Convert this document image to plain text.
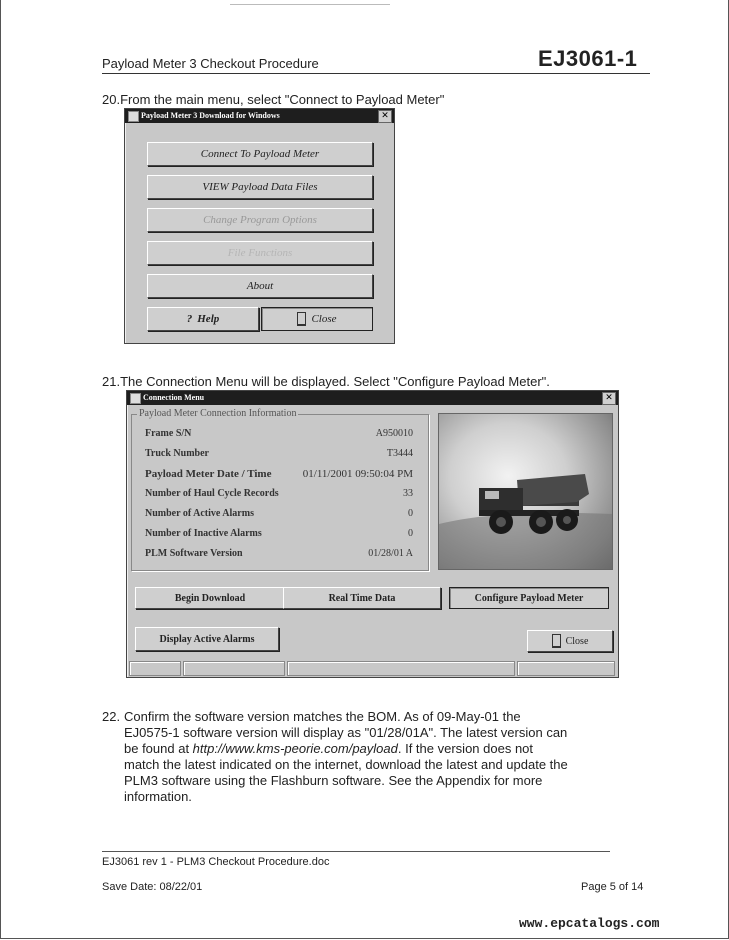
Payload Meter 3 Checkout Procedure	EJ3061-1
20.From the main menu, select "Connect to Payload Meter"
Payload Meter 3 Download for Windows	✕
Connect To Payload Meter
VIEW Payload Data Files
Change Program Options
File Functions
About
? Help	Close
21.The Connection Menu will be displayed. Select "Configure Payload Meter".
Connection Menu	✕
Payload Meter Connection Information
Frame S/N	A950010
Truck Number	T3444
Payload Meter Date / Time	01/11/2001 09:50:04 PM
Number of Haul Cycle Records	33
Number of Active Alarms	0
Number of Inactive Alarms	0
PLM Software Version	01/28/01 A
Begin Download	Real Time Data	Configure Payload Meter
Display Active Alarms	Close
22. Confirm the software version matches the BOM. As of 09-May-01 the
EJ0575-1 software version will display as "01/28/01A". The latest version can
be found at http://www.kms-peorie.com/payload. If the version does not
match the latest indicated on the internet, download the latest and update the
PLM3 software using the Flashburn software. See the Appendix for more
information.
EJ3061 rev 1 - PLM3 Checkout Procedure.doc
Save Date: 08/22/01	Page 5 of 14
www.epcatalogs.com
